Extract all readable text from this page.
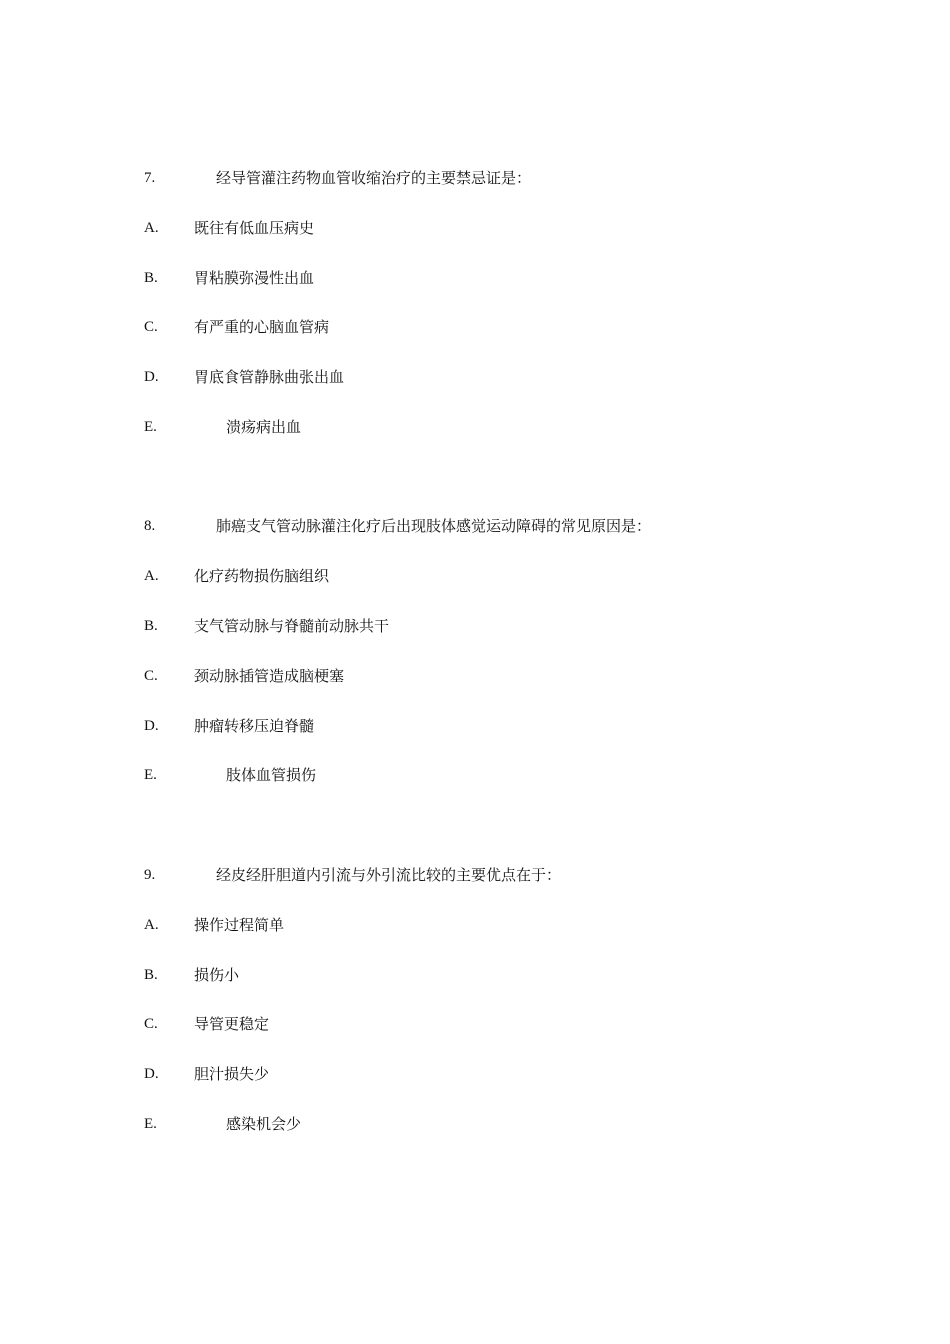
7.	经导管灌注药物血管收缩治疗的主要禁忌证是：
A. 既往有低血压病史
B. 胃粘膜弥漫性出血
C. 有严重的心脑血管病
D. 胃底食管静脉曲张出血
E.	溃疡病出血
8.	肺癌支气管动脉灌注化疗后出现肢体感觉运动障碍的常见原因是：
A. 化疗药物损伤脑组织
B. 支气管动脉与脊髓前动脉共干
C. 颈动脉插管造成脑梗塞
D. 肿瘤转移压迫脊髓
E.	肢体血管损伤
9.	经皮经肝胆道内引流与外引流比较的主要优点在于：
A. 操作过程简单
B. 损伤小
C. 导管更稳定
D. 胆汁损失少
E.	感染机会少
